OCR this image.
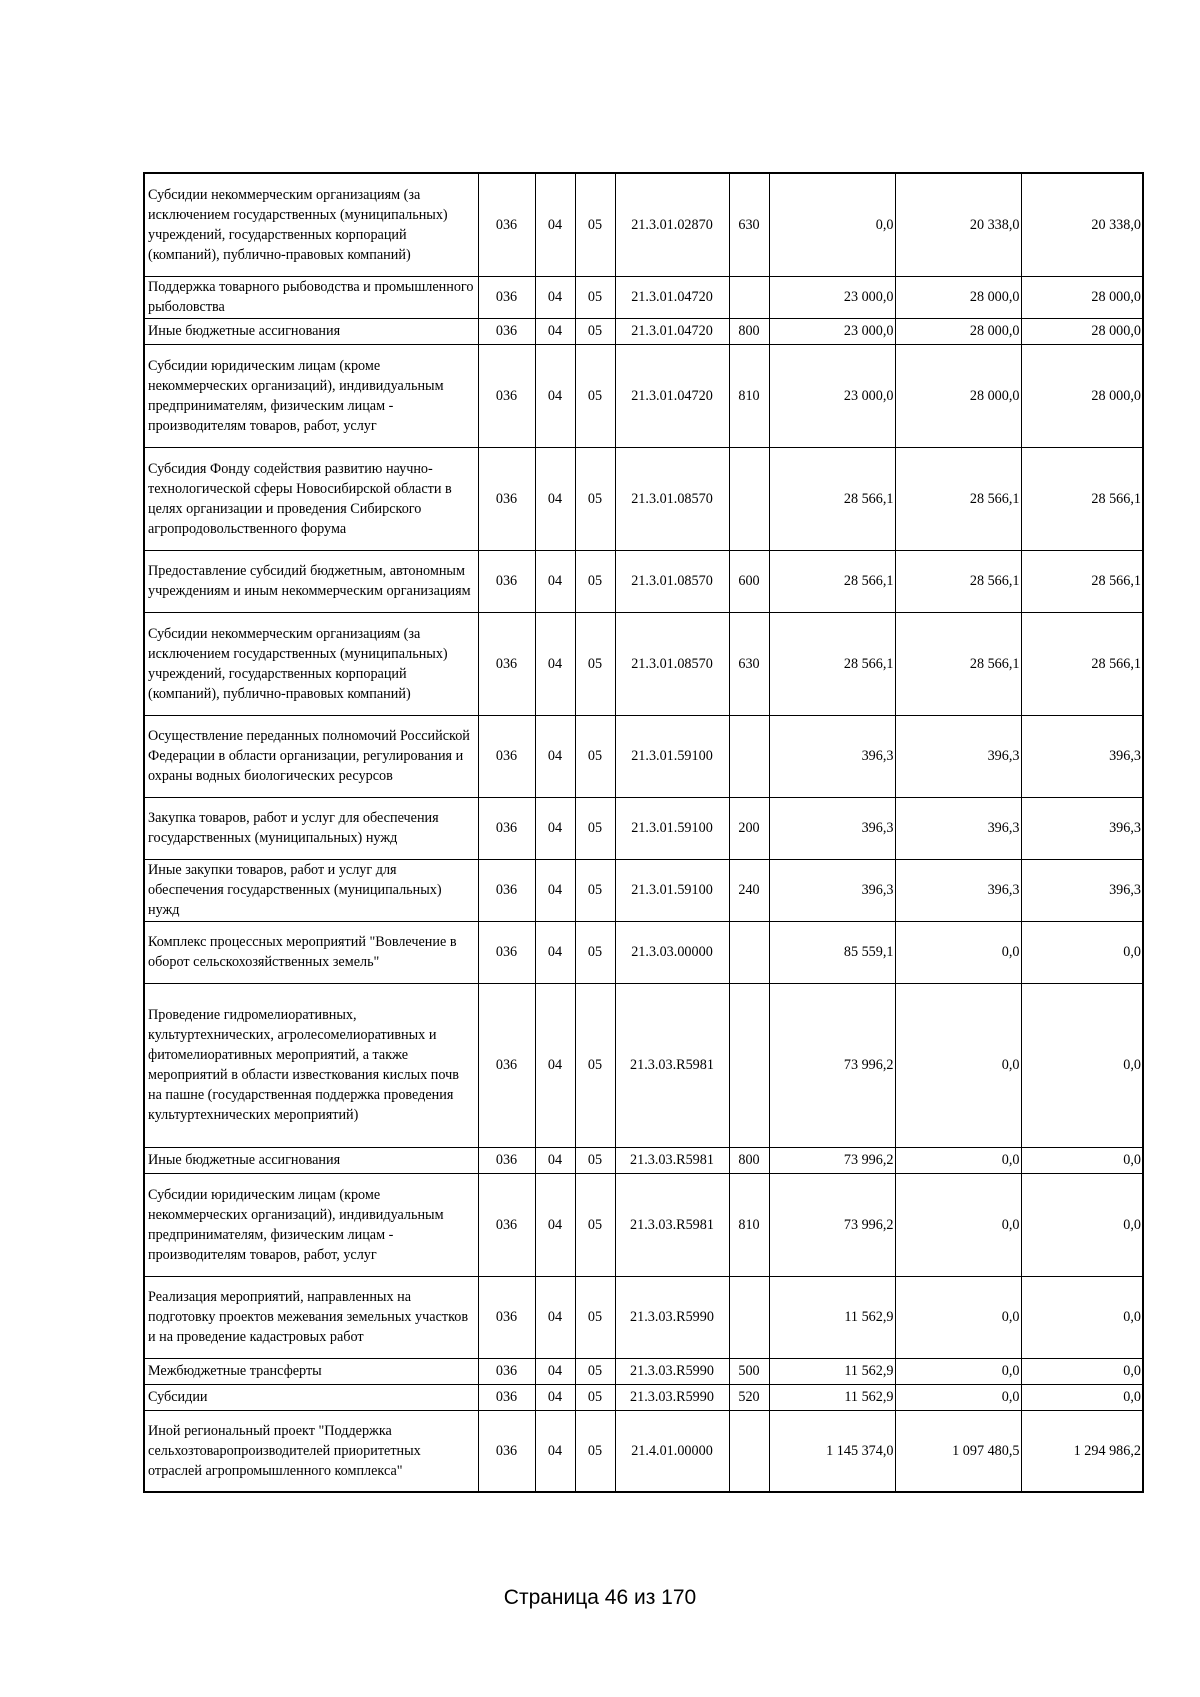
Субсидии некоммерческим организациям (за исключением государственных (муниципальных) учреждений, государственных корпораций (компаний), публично-правовых компаний)	036	04	05	21.3.01.02870	630	0,0	20 338,0	20 338,0
Поддержка товарного рыбоводства и промышленного рыболовства	036	04	05	21.3.01.04720		23 000,0	28 000,0	28 000,0
Иные бюджетные ассигнования	036	04	05	21.3.01.04720	800	23 000,0	28 000,0	28 000,0
Субсидии юридическим лицам (кроме некоммерческих организаций), индивидуальным предпринимателям, физическим лицам - производителям товаров, работ, услуг	036	04	05	21.3.01.04720	810	23 000,0	28 000,0	28 000,0
Субсидия Фонду содействия развитию научно-технологической сферы Новосибирской области в целях организации и проведения Сибирского агропродовольственного форума	036	04	05	21.3.01.08570		28 566,1	28 566,1	28 566,1
Предоставление субсидий бюджетным, автономным учреждениям и иным некоммерческим организациям	036	04	05	21.3.01.08570	600	28 566,1	28 566,1	28 566,1
Субсидии некоммерческим организациям (за исключением государственных (муниципальных) учреждений, государственных корпораций (компаний), публично-правовых компаний)	036	04	05	21.3.01.08570	630	28 566,1	28 566,1	28 566,1
Осуществление переданных полномочий Российской Федерации в области организации, регулирования и охраны водных биологических ресурсов	036	04	05	21.3.01.59100		396,3	396,3	396,3
Закупка товаров, работ и услуг для обеспечения государственных (муниципальных) нужд	036	04	05	21.3.01.59100	200	396,3	396,3	396,3
Иные закупки товаров, работ и услуг для обеспечения государственных (муниципальных) нужд	036	04	05	21.3.01.59100	240	396,3	396,3	396,3
Комплекс процессных мероприятий "Вовлечение в оборот сельскохозяйственных земель"	036	04	05	21.3.03.00000		85 559,1	0,0	0,0
Проведение гидромелиоративных, культуртехнических, агролесомелиоративных и фитомелиоративных мероприятий, а также мероприятий в области известкования кислых почв на пашне (государственная поддержка проведения культуртехнических мероприятий)	036	04	05	21.3.03.R5981		73 996,2	0,0	0,0
Иные бюджетные ассигнования	036	04	05	21.3.03.R5981	800	73 996,2	0,0	0,0
Субсидии юридическим лицам (кроме некоммерческих организаций), индивидуальным предпринимателям, физическим лицам - производителям товаров, работ, услуг	036	04	05	21.3.03.R5981	810	73 996,2	0,0	0,0
Реализация мероприятий, направленных на подготовку проектов межевания земельных участков и на проведение кадастровых работ	036	04	05	21.3.03.R5990		11 562,9	0,0	0,0
Межбюджетные трансферты	036	04	05	21.3.03.R5990	500	11 562,9	0,0	0,0
Субсидии	036	04	05	21.3.03.R5990	520	11 562,9	0,0	0,0
Иной региональный проект "Поддержка сельхозтоваропроизводителей приоритетных отраслей агропромышленного комплекса"	036	04	05	21.4.01.00000		1 145 374,0	1 097 480,5	1 294 986,2
Страница 46 из 170
